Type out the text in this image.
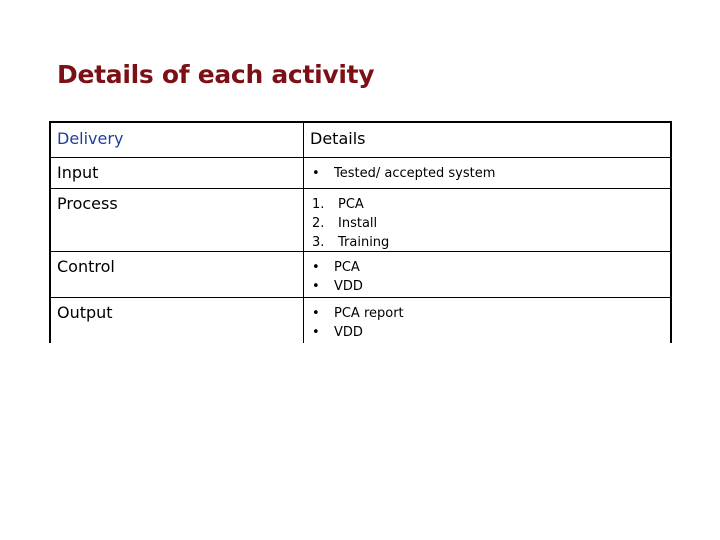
Details of each activity
Delivery	Details
Input	•	Tested/ accepted system
Process	1.	PCA
2.	Install
3.	Training
Control	•	PCA
•	VDD
Output	•	PCA report
•	VDD
